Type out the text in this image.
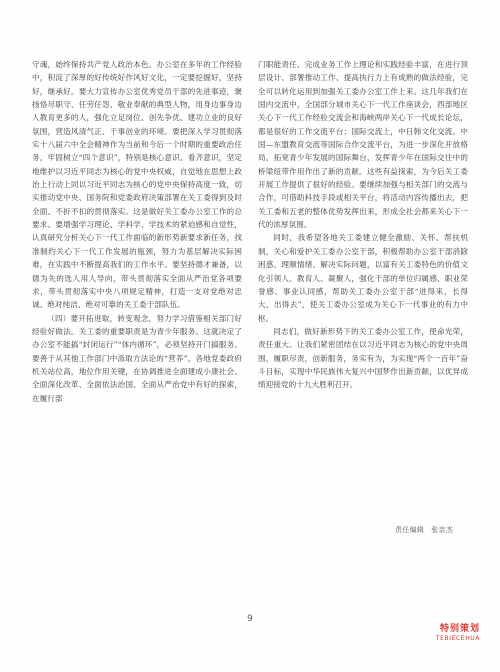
守魂，始终保持共产党人政治本色。办公室在多年的工作经验中，积淀了深厚的好传统好作风好文化，一定要挖掘好，坚持好，继承好。要大力宣传办公室优秀党员干部的先进事迹，褒扬恪尽职守、任劳任怨、敬业奉献的典型人物，用身边事身边人教育更多的人，强化立足岗位、创先争优、建功立业的良好氛围，营造风清气正、干事创业的环境。要把深入学习贯彻落实十八届六中全会精神作为当前和今后一个时期的重要政治任务，牢固树立“四个意识”，特别是核心意识、看齐意识，坚定地维护以习近平同志为核心的党中央权威，自觉地在思想上政治上行动上同以习近平同志为核心的党中央保持高度一致，切实推动党中央、国务院和党委政府决策部署在关工委得到及时全面、不折不扣的贯彻落实。这是做好关工委办公室工作的总要求。要增强学习理论、学科学、学技术的紧迫感和自觉性，认真研究分析关心下一代工作面临的新形势新要求新任务，找准制约关心下一代工作发展的瓶颈，努力为基层解决实际困难，在实践中不断提高我们的工作水平。要坚持德才兼备，以德为先的选人用人导向，带头贯彻落实全面从严治党各项要求，带头贯彻落实中央八项规定精神，打造一支对党绝对忠诚、绝对纯洁、绝对可靠的关工委干部队伍。

（四）要开拓进取，转变观念，努力学习借鉴相关部门好经验好做法。关工委的重要职责是为青少年服务。这就决定了办公室不能搞“封闭运行”“体内循环”，必须坚持开门搞服务。要善于从其他工作部门中汲取方法论的“营养”。各地党委政府机关站位高，地位作用关键，在协调推进全面建成小康社会、全面深化改革、全面依法治国、全面从严治党中有好的探索，在履行部

门职能责任、完成业务工作上理论和实践经验丰富，在进行顶层设计、部署推动工作、提高执行力上有成熟的做法经验，完全可以转化运用到加强关工委办公室工作上来。这几年我们在国内交流中，全国部分城市关心下一代工作座谈会，西部地区关心下一代工作经验交流会和海峡两岸关心下一代成长论坛，都是很好的工作交流平台；国际交流上，中日韩文化交流、中国—东盟教育交流等国际合作交流平台，为进一步深化开放格局，拓宽青少年发展的国际舞台，发挥青少年在国际交往中的桥梁纽带作用作出了新的贡献。这些有益探索，为今后关工委开展工作提供了很好的经验。要继续加强与相关部门的交流与合作，可借助科技手段或相关平台，将活动内容传播出去，把关工委和五老的整体优势发挥出来，形成全社会都来关心下一代的浓厚氛围。

同时，我希望各地关工委建立健全激励、关怀、帮扶机制，关心和爱护关工委办公室干部，积极帮助办公室干部消除困惑、理顺情绪、解决实际问题，以富有关工委特色的价值文化引领人、教育人、凝聚人，强化干部的单位归属感、职业荣誉感、事业认同感，帮助关工委办公室干部“进得来、长得大、出得去”，使关工委办公室成为关心下一代事业的有力中枢。

同志们，做好新形势下的关工委办公室工作，使命光荣，责任重大。让我们紧密团结在以习近平同志为核心的党中央周围，履职尽责，创新服务，务实有为，为实现“两个一百年”奋斗目标，实现中华民族伟大复兴中国梦作出新贡献，以优异成绩迎接党的十九大胜利召开。

责任编辑 张亲杰
9
特别策划
TEBIECEHUA
